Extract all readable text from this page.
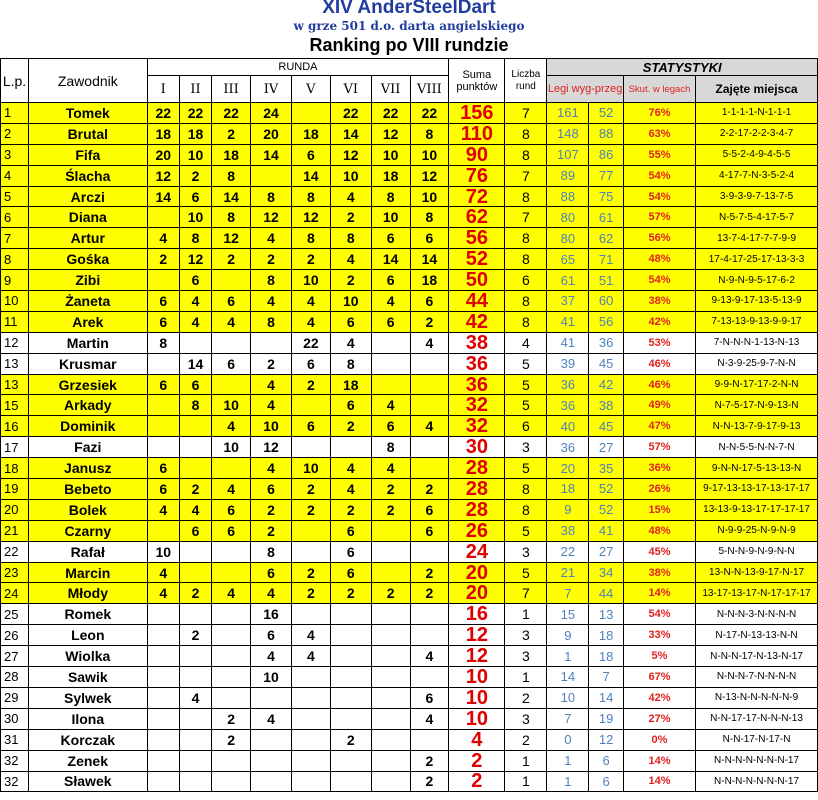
XIV AnderSteelDart
w grze 501 d.o. darta angielskiego
Ranking po VIII rundzie
L.p.	Zawodnik	RUNDA								Suma punktów	Liczba rund	STATYSTYKI			
		I	II	III	IV	V	VI	VII	VIII			Legi wyg-przeg		Skut. w legach	Zajęte miejsca
1	Tomek	22	22	22	24		22	22	22	156	7	161	52	76%	1-1-1-1-N-1-1-1
2	Brutal	18	18	2	20	18	14	12	8	110	8	148	88	63%	2-2-17-2-2-3-4-7
3	Fifa	20	10	18	14	6	12	10	10	90	8	107	86	55%	5-5-2-4-9-4-5-5
4	Ślacha	12	2	8		14	10	18	12	76	7	89	77	54%	4-17-7-N-3-5-2-4
5	Arczi	14	6	14	8	8	4	8	10	72	8	88	75	54%	3-9-3-9-7-13-7-5
6	Diana		10	8	12	12	2	10	8	62	7	80	61	57%	N-5-7-5-4-17-5-7
7	Artur	4	8	12	4	8	8	6	6	56	8	80	62	56%	13-7-4-17-7-7-9-9
8	Gośka	2	12	2	2	2	4	14	14	52	8	65	71	48%	17-4-17-25-17-13-3-3
9	Zibi		6		8	10	2	6	18	50	6	61	51	54%	N-9-N-9-5-17-6-2
10	Żaneta	6	4	6	4	4	10	4	6	44	8	37	60	38%	9-13-9-17-13-5-13-9
11	Arek	6	4	4	8	4	6	6	2	42	8	41	56	42%	7-13-13-9-13-9-9-17
12	Martin	8				22	4		4	38	4	41	36	53%	7-N-N-N-1-13-N-13
13	Krusmar		14	6	2	6	8			36	5	39	45	46%	N-3-9-25-9-7-N-N
13	Grzesiek	6	6		4	2	18			36	5	36	42	46%	9-9-N-17-17-2-N-N
15	Arkady		8	10	4		6	4		32	5	36	38	49%	N-7-5-17-N-9-13-N
16	Dominik			4	10	6	2	6	4	32	6	40	45	47%	N-N-13-7-9-17-9-13
17	Fazi			10	12			8		30	3	36	27	57%	N-N-5-5-N-N-7-N
18	Janusz	6			4	10	4	4		28	5	20	35	36%	9-N-N-17-5-13-13-N
19	Bebeto	6	2	4	6	2	4	2	2	28	8	18	52	26%	9-17-13-13-17-13-17-17
20	Bolek	4	4	6	2	2	2	2	6	28	8	9	52	15%	13-13-9-13-17-17-17-17
21	Czarny		6	6	2		6		6	26	5	38	41	48%	N-9-9-25-N-9-N-9
22	Rafał	10			8		6			24	3	22	27	45%	5-N-N-9-N-9-N-N
23	Marcin	4			6	2	6		2	20	5	21	34	38%	13-N-N-13-9-17-N-17
24	Młody	4	2	4	4	2	2	2	2	20	7	7	44	14%	13-17-13-17-N-17-17-17
25	Romek				16					16	1	15	13	54%	N-N-N-3-N-N-N-N
26	Leon		2		6	4				12	3	9	18	33%	N-17-N-13-13-N-N
27	Wiolka				4	4			4	12	3	1	18	5%	N-N-N-17-N-13-N-17
28	Sawik				10					10	1	14	7	67%	N-N-N-7-N-N-N-N
29	Sylwek		4						6	10	2	10	14	42%	N-13-N-N-N-N-N-9
30	Ilona			2	4				4	10	3	7	19	27%	N-N-17-17-N-N-N-13
31	Korczak			2			2			4	2	0	12	0%	N-N-17-N-17-N
32	Zenek								2	2	1	1	6	14%	N-N-N-N-N-N-N-17
32	Sławek								2	2	1	1	6	14%	N-N-N-N-N-N-N-17
